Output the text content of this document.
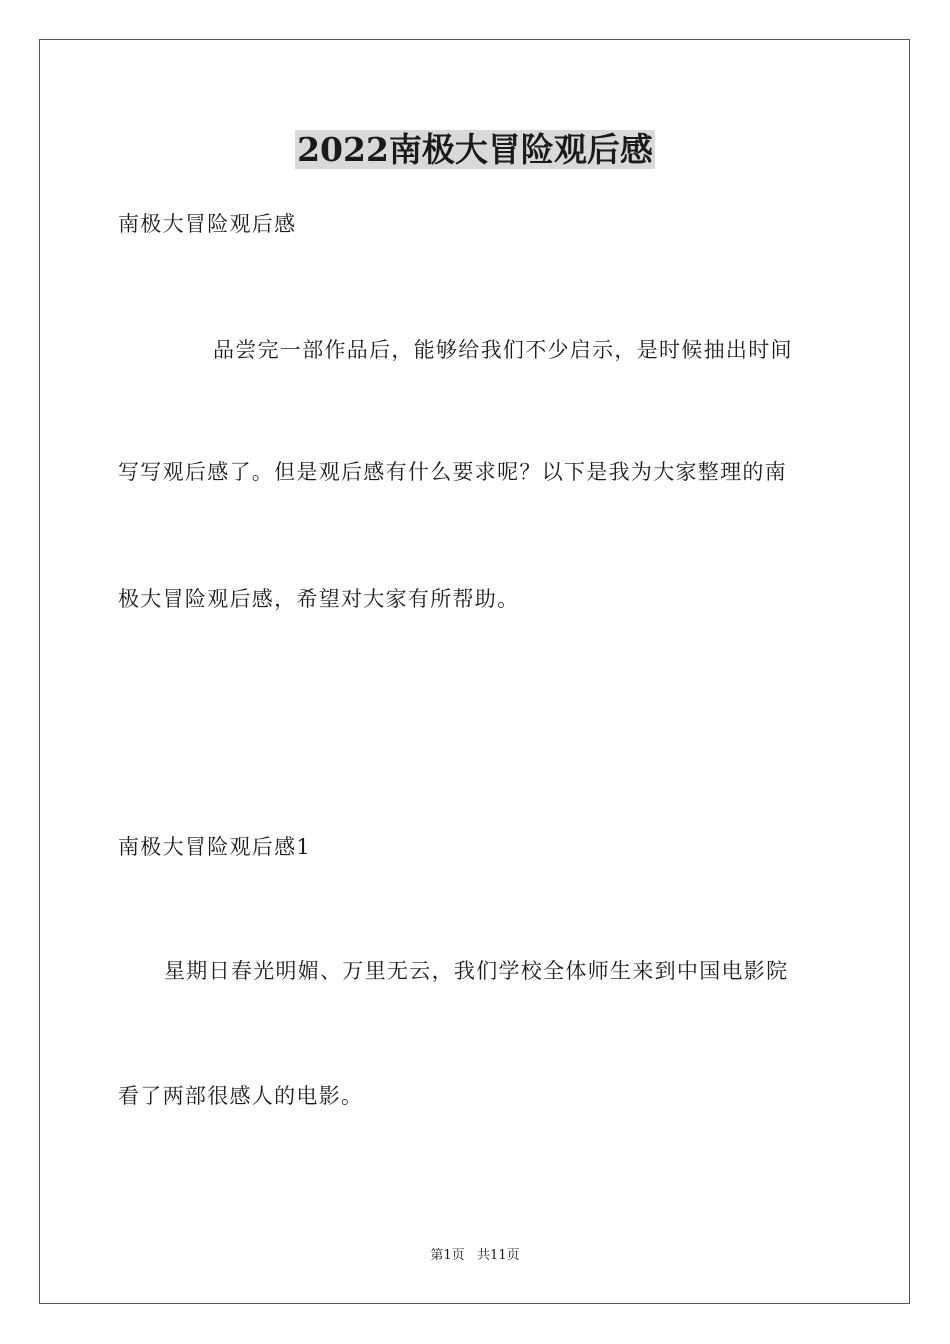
2022南极大冒险观后感
南极大冒险观后感
品尝完一部作品后，能够给我们不少启示，是时候抽出时间
写写观后感了。但是观后感有什么要求呢？以下是我为大家整理的南
极大冒险观后感，希望对大家有所帮助。
南极大冒险观后感1
星期日春光明媚、万里无云，我们学校全体师生来到中国电影院
看了两部很感人的电影。
第1页   共11页
